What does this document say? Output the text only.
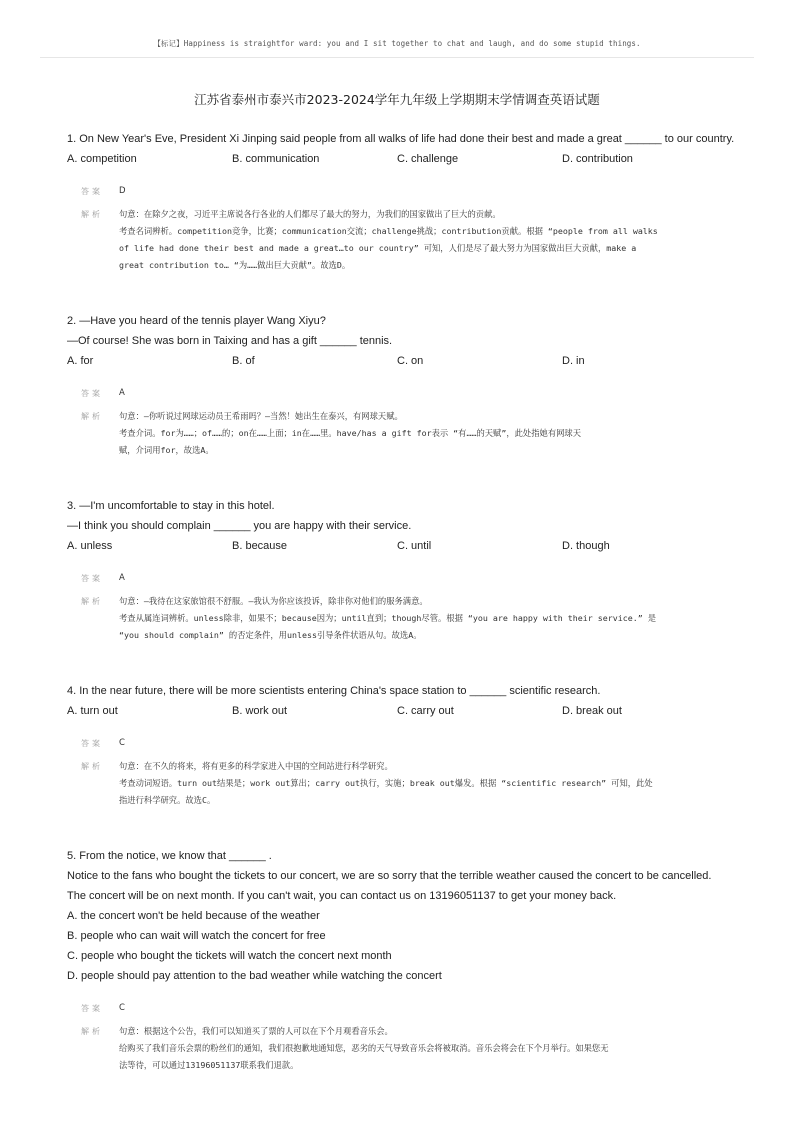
【标记】Happiness is straightfor ward: you and I sit together to chat and laugh, and do some stupid things.
江苏省泰州市泰兴市2023-2024学年九年级上学期期末学情调查英语试题
1. On New Year's Eve, President Xi Jinping said people from all walks of life had done their best and made a great ______ to our country.
A. competition	B. communication	C. challenge	D. contribution
答案 D

解析 句意：在除夕之夜，习近平主席说各行各业的人们都尽了最大的努力，为我们的国家做出了巨大的贡献。

考查名词辨析。competition竞争，比赛；communication交流；challenge挑战；contribution贡献。根据 “people from all walks

of life had done their best and made a great…to our country” 可知，人们是尽了最大努力为国家做出巨大贡献，make a

great contribution to… “为……做出巨大贡献”。故选D。

2. —Have you heard of the tennis player Wang Xiyu?
—Of course! She was born in Taixing and has a gift ______ tennis.
A. for	B. of	C. on	D. in
答案 A

解析 句意：—你听说过网球运动员王希雨吗？—当然！她出生在泰兴，有网球天赋。

考查介词。for为……；of……的；on在……上面；in在……里。have/has a gift for表示 “有……的天赋”，此处指她有网球天

赋，介词用for，故选A。

3. —I'm uncomfortable to stay in this hotel.
—I think you should complain ______ you are happy with their service.
A. unless	B. because	C. until	D. though
答案 A

解析 句意：—我待在这家旅馆很不舒服。—我认为你应该投诉，除非你对他们的服务满意。

考查从属连词辨析。unless除非，如果不；because因为；until直到；though尽管。根据 “you are happy with their service.” 是

“you should complain” 的否定条件，用unless引导条件状语从句。故选A。

4. In the near future, there will be more scientists entering China's space station to ______ scientific research.
A. turn out	B. work out	C. carry out	D. break out
答案 C

解析 句意：在不久的将来，将有更多的科学家进入中国的空间站进行科学研究。

考查动词短语。turn out结果是；work out算出；carry out执行，实施；break out爆发。根据 “scientific research” 可知，此处

指进行科学研究。故选C。

5. From the notice, we know that ______ .
Notice to the fans who bought the tickets to our concert, we are so sorry that the terrible weather caused the concert to be cancelled.
The concert will be on next month. If you can't wait, you can contact us on 13196051137 to get your money back.
A. the concert won't be held because of the weather
B. people who can wait will watch the concert for free
C. people who bought the tickets will watch the concert next month
D. people should pay attention to the bad weather while watching the concert
答案 C

解析 句意：根据这个公告，我们可以知道买了票的人可以在下个月观看音乐会。

给购买了我们音乐会票的粉丝们的通知，我们很抱歉地通知您，恶劣的天气导致音乐会将被取消。音乐会将会在下个月举行。如果您无

法等待，可以通过13196051137联系我们退款。
